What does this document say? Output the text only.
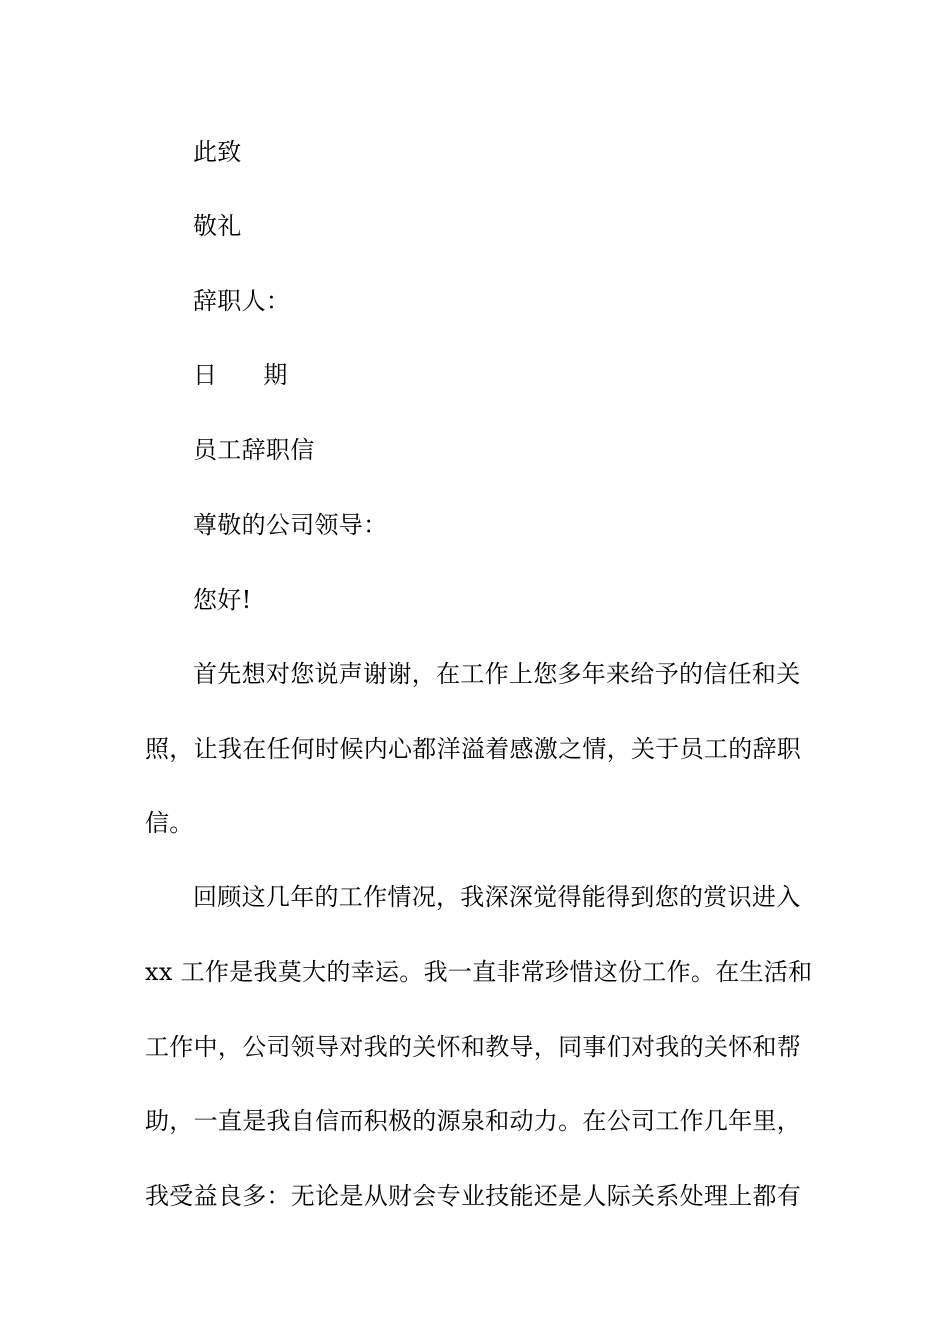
此致
敬礼
辞职人：
日 期
员工辞职信
尊敬的公司领导：
您好!
首先想对您说声谢谢，在工作上您多年来给予的信任和关
照，让我在任何时候内心都洋溢着感激之情，关于员工的辞职
信。
回顾这几年的工作情况，我深深觉得能得到您的赏识进入
xx 工作是我莫大的幸运。我一直非常珍惜这份工作。在生活和
工作中，公司领导对我的关怀和教导，同事们对我的关怀和帮
助，一直是我自信而积极的源泉和动力。在公司工作几年里，
我受益良多：无论是从财会专业技能还是人际关系处理上都有
